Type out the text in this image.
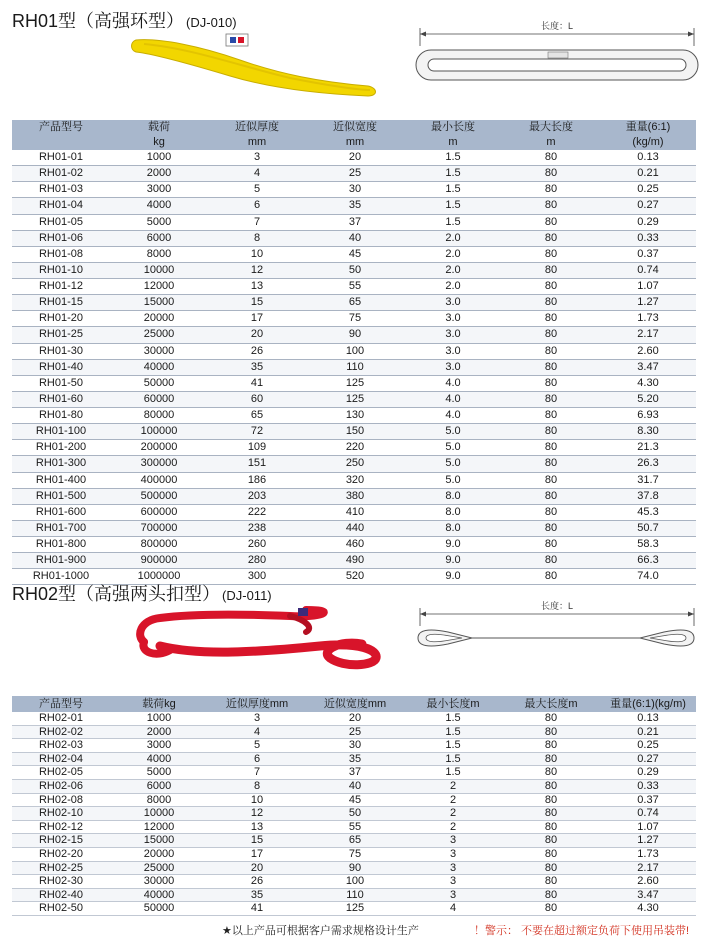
RH01型（高强环型） (DJ-010)	长度：L
产品型号	载荷	近似厚度	近似宽度	最小长度	最大长度	重量(6:1)
	kg	mm	mm	m	m	(kg/m)
RH01-01	1000	3	20	1.5	80	0.13
RH01-02	2000	4	25	1.5	80	0.21
RH01-03	3000	5	30	1.5	80	0.25
RH01-04	4000	6	35	1.5	80	0.27
RH01-05	5000	7	37	1.5	80	0.29
RH01-06	6000	8	40	2.0	80	0.33
RH01-08	8000	10	45	2.0	80	0.37
RH01-10	10000	12	50	2.0	80	0.74
RH01-12	12000	13	55	2.0	80	1.07
RH01-15	15000	15	65	3.0	80	1.27
RH01-20	20000	17	75	3.0	80	1.73
RH01-25	25000	20	90	3.0	80	2.17
RH01-30	30000	26	100	3.0	80	2.60
RH01-40	40000	35	110	3.0	80	3.47
RH01-50	50000	41	125	4.0	80	4.30
RH01-60	60000	60	125	4.0	80	5.20
RH01-80	80000	65	130	4.0	80	6.93
RH01-100	100000	72	150	5.0	80	8.30
RH01-200	200000	109	220	5.0	80	21.3
RH01-300	300000	151	250	5.0	80	26.3
RH01-400	400000	186	320	5.0	80	31.7
RH01-500	500000	203	380	8.0	80	37.8
RH01-600	600000	222	410	8.0	80	45.3
RH01-700	700000	238	440	8.0	80	50.7
RH01-800	800000	260	460	9.0	80	58.3
RH01-900	900000	280	490	9.0	80	66.3
RH01-1000	1000000	300	520	9.0	80	74.0
RH02型（高强两头扣型） (DJ-011)
长度：L
产品型号	载荷kg	近似厚度mm	近似宽度mm	最小长度m	最大长度m	重量(6:1)(kg/m)
RH02-01	1000	3	20	1.5	80	0.13
RH02-02	2000	4	25	1.5	80	0.21
RH02-03	3000	5	30	1.5	80	0.25
RH02-04	4000	6	35	1.5	80	0.27
RH02-05	5000	7	37	1.5	80	0.29
RH02-06	6000	8	40	2	80	0.33
RH02-08	8000	10	45	2	80	0.37
RH02-10	10000	12	50	2	80	0.74
RH02-12	12000	13	55	2	80	1.07
RH02-15	15000	15	65	3	80	1.27
RH02-20	20000	17	75	3	80	1.73
RH02-25	25000	20	90	3	80	2.17
RH02-30	30000	26	100	3	80	2.60
RH02-40	40000	35	110	3	80	3.47
RH02-50	50000	41	125	4	80	4.30
★以上产品可根据客户需求规格设计生产	！警示： 不要在超过额定负荷下使用吊装带!
